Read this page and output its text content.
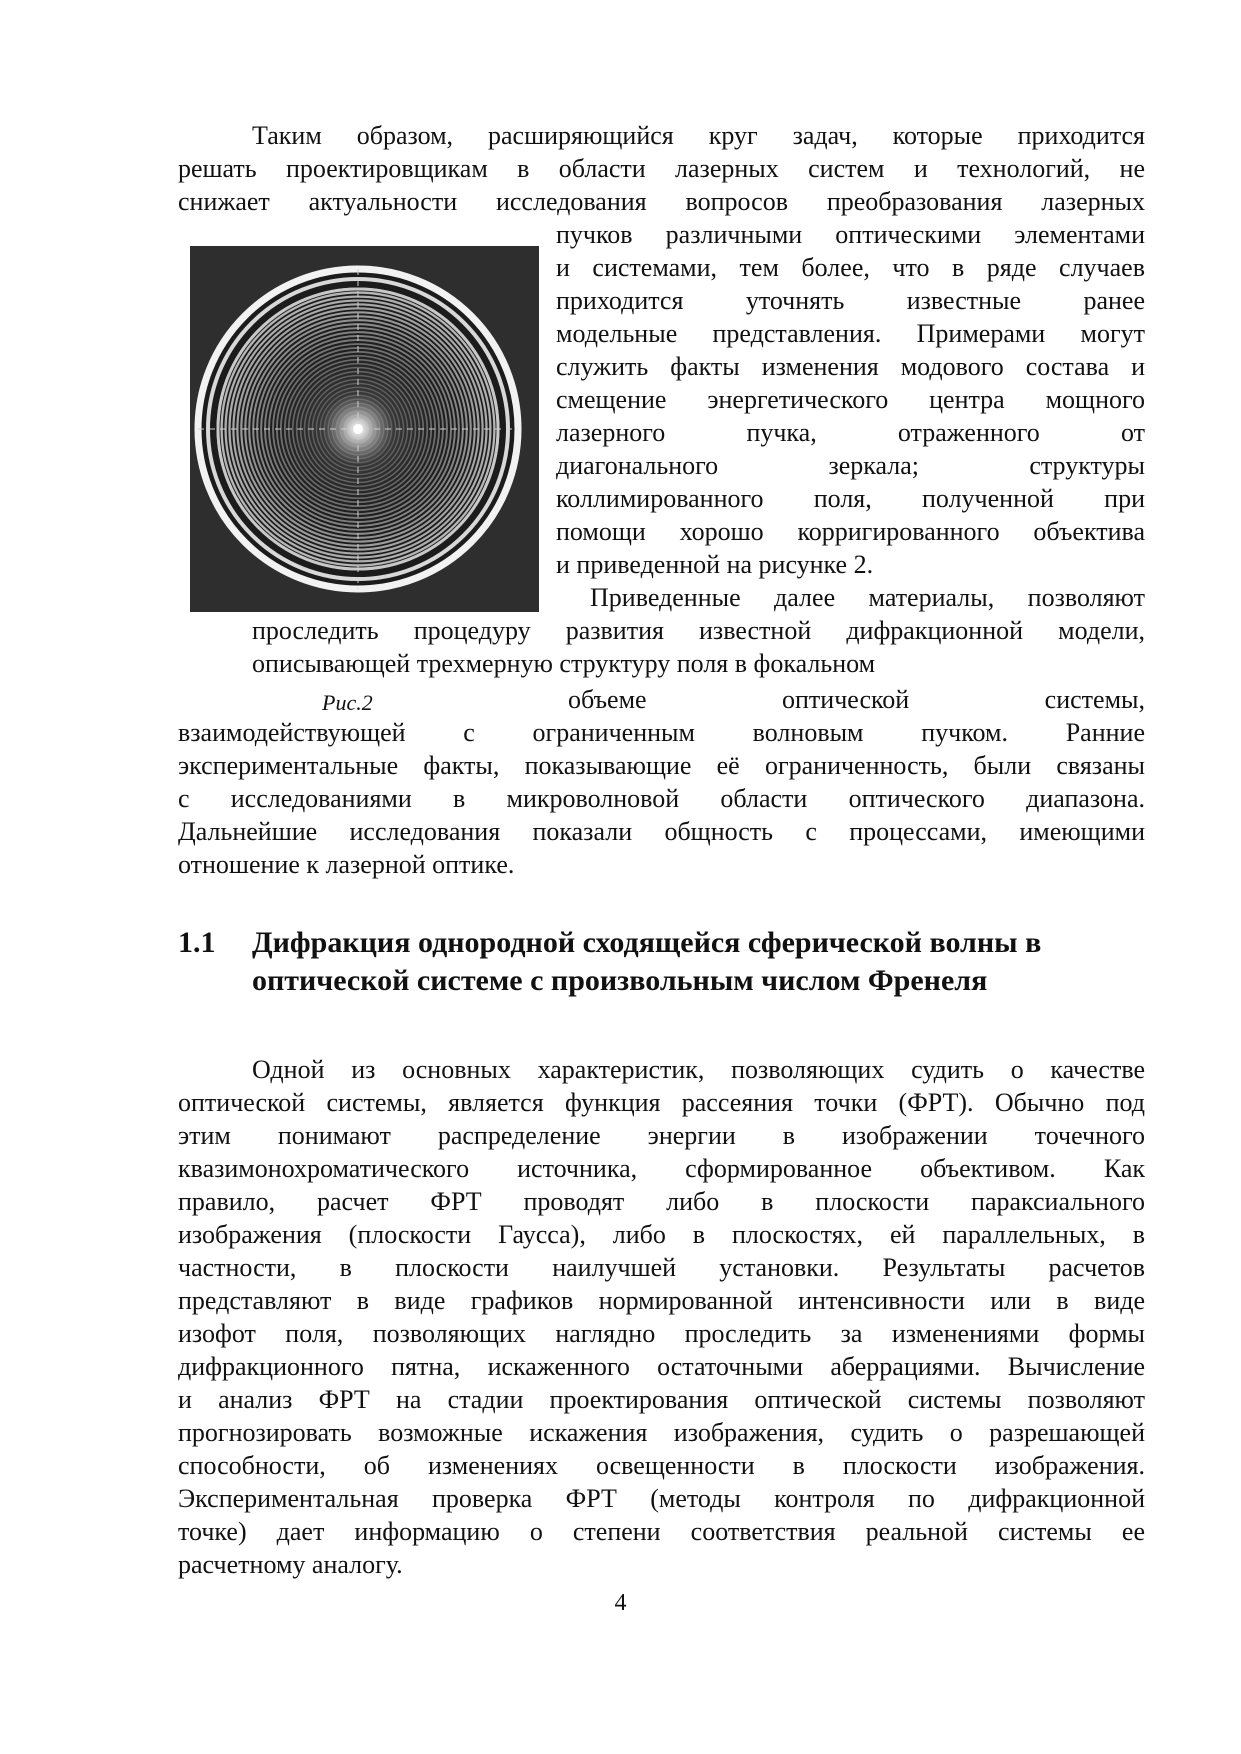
Таким образом, расширяющийся круг задач, которые приходится
решать проектировщикам в области лазерных систем и технологий, не
снижает актуальности исследования вопросов преобразования лазерных
пучков различными оптическими элементами
и системами, тем более, что в ряде случаев
приходится уточнять известные ранее
модельные представления. Примерами могут
служить факты изменения модового состава и
смещение энергетического центра мощного
лазерного пучка, отраженного от
диагонального зеркала; структуры
коллимированного поля, полученной при
помощи хорошо корригированного объектива
и приведенной на рисунке 2.
Приведенные далее материалы, позволяют
проследить процедуру развития известной дифракционной модели,
описывающей трехмерную структуру поля в фокальном
Рис.2	объеме оптической системы,
взаимодействующей с ограниченным волновым пучком. Ранние
экспериментальные факты, показывающие её ограниченность, были связаны
с исследованиями в микроволновой области оптического диапазона.
Дальнейшие исследования показали общность с процессами, имеющими
отношение к лазерной оптике.
1.1 Дифракция однородной сходящейся сферической волны в
оптической системе с произвольным числом Френеля
Одной из основных характеристик, позволяющих судить о качестве
оптической системы, является функция рассеяния точки (ФРТ). Обычно под
этим понимают распределение энергии в изображении точечного
квазимонохроматического источника, сформированное объективом. Как
правило, расчет ФРТ проводят либо в плоскости параксиального
изображения (плоскости Гаусса), либо в плоскостях, ей параллельных, в
частности, в плоскости наилучшей установки. Результаты расчетов
представляют в виде графиков нормированной интенсивности или в виде
изофот поля, позволяющих наглядно проследить за изменениями формы
дифракционного пятна, искаженного остаточными аберрациями. Вычисление
и анализ ФРТ на стадии проектирования оптической системы позволяют
прогнозировать возможные искажения изображения, судить о разрешающей
способности, об изменениях освещенности в плоскости изображения.
Экспериментальная проверка ФРТ (методы контроля по дифракционной
точке) дает информацию о степени соответствия реальной системы ее
расчетному аналогу.
4
